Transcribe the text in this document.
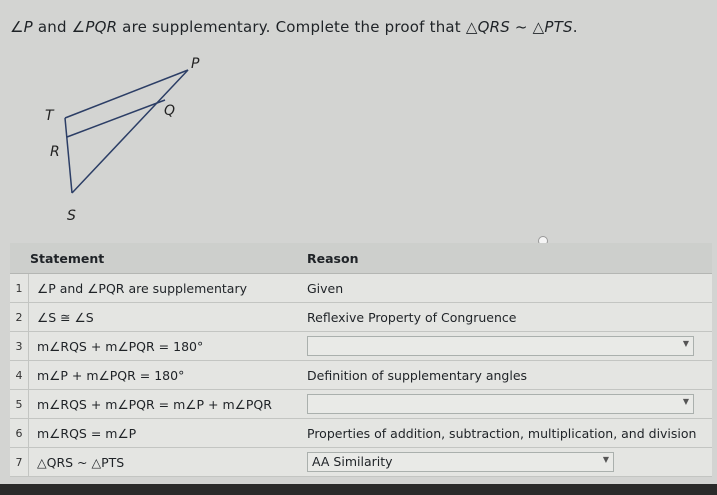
∠P and ∠PQR are supplementary. Complete the proof that △QRS ~ △PTS.
P
Q
T
R
S
Statement		Reason
1	∠P and ∠PQR are supplementary	Given
2	∠S ≅ ∠S	Reflexive Property of Congruence
3	m∠RQS + m∠PQR = 180°	▼

4	m∠P + m∠PQR = 180°	Definition of supplementary angles
5	m∠RQS + m∠PQR = m∠P + m∠PQR	▼

6	m∠RQS = m∠P	Properties of addition, subtraction, multiplication, and division
7	△QRS ~ △PTS	AA Similarity ▼
